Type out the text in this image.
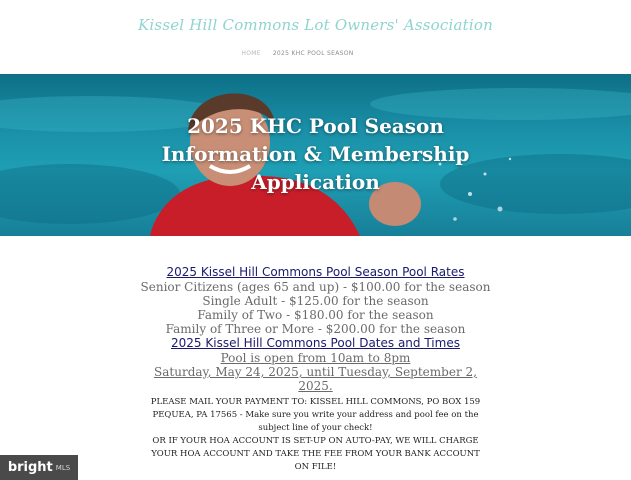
Kissel Hill Commons Lot Owners' Association
HOME 2025 KHC POOL SEASON
2025 KHC Pool Season
Information & Membership
Application
2025 Kissel Hill Commons Pool Season Pool Rates
Senior Citizens (ages 65 and up) - $100.00 for the season
Single Adult - $125.00 for the season
Family of Two - $180.00 for the season
Family of Three or More - $200.00 for the season
2025 Kissel Hill Commons Pool Dates and Times
Pool is open from 10am to 8pm
Saturday, May 24, 2025, until Tuesday, September 2,
2025.
PLEASE MAIL YOUR PAYMENT TO: KISSEL HILL COMMONS, PO BOX 159
PEQUEA, PA 17565 - Make sure you write your address and pool fee on the
subject line of your check!
OR IF YOUR HOA ACCOUNT IS SET-UP ON AUTO-PAY, WE WILL CHARGE
YOUR HOA ACCOUNT AND TAKE THE FEE FROM YOUR BANK ACCOUNT
ON FILE!
bright MLS
